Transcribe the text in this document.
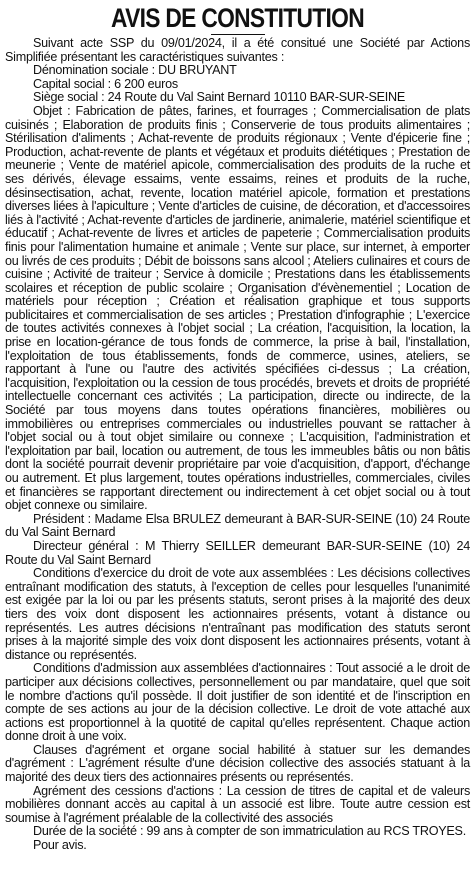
AVIS DE CONSTITUTION

Suivant acte SSP du 09/01/2024, il a été consitué une Société par Actions Simplifiée présentant les caractéristiques suivantes :

Dénomination sociale : DU BRUYANT

Capital social : 6 200 euros

Siège social : 24 Route du Val Saint Bernard 10110 BAR-SUR-SEINE

Objet : Fabrication de pâtes, farines, et fourrages ; Commercialisation de plats cuisinés ; Elaboration de produits finis ; Conserverie de tous produits alimentaires ; Stérilisation d'aliments ; Achat-revente de produits régionaux ; Vente d'épicerie fine ; Production, achat-revente de plants et végétaux et produits diététiques ; Prestation de meunerie ; Vente de matériel apicole, commercialisation des produits de la ruche et ses dérivés, élevage essaims, vente essaims, reines et produits de la ruche, désinsectisation, achat, revente, location matériel apicole, formation et prestations diverses liées à l'apiculture ; Vente d'articles de cuisine, de décoration, et d'accessoires liés à l'activité ; Achat-revente d'articles de jardinerie, animalerie, matériel scientifique et éducatif ; Achat-revente de livres et articles de papeterie ; Commercialisation produits finis pour l'alimentation humaine et animale ; Vente sur place, sur internet, à emporter ou livrés de ces produits ; Débit de boissons sans alcool ; Ateliers culinaires et cours de cuisine ; Activité de traiteur ; Service à domicile ; Prestations dans les établissements scolaires et réception de public scolaire ; Organisation d'évènementiel ; Location de matériels pour réception ; Création et réalisation graphique et tous supports publicitaires et commercialisation de ses articles ; Prestation d'infographie ; L'exercice de toutes activités connexes à l'objet social ; La création, l'acquisition, la location, la prise en location-gérance de tous fonds de commerce, la prise à bail, l'installation, l'exploitation de tous établissements, fonds de commerce, usines, ateliers, se rapportant à l'une ou l'autre des activités spécifiées ci-dessus ; La création, l'acquisition, l'exploitation ou la cession de tous procédés, brevets et droits de propriété intellectuelle concernant ces activités ; La participation, directe ou indirecte, de la Société par tous moyens dans toutes opérations financières, mobilières ou immobilières ou entreprises commerciales ou industrielles pouvant se rattacher à l'objet social ou à tout objet similaire ou connexe ; L'acquisition, l'administration et l'exploitation par bail, location ou autrement, de tous les immeubles bâtis ou non bâtis dont la société pourrait devenir propriétaire par voie d'acquisition, d'apport, d'échange ou autrement. Et plus largement, toutes opérations industrielles, commerciales, civiles et financières se rapportant directement ou indirectement à cet objet social ou à tout objet connexe ou similaire.

Président : Madame Elsa BRULEZ demeurant à BAR-SUR-SEINE (10) 24 Route du Val Saint Bernard

Directeur général : M Thierry SEILLER demeurant BAR-SUR-SEINE (10) 24 Route du Val Saint Bernard

Conditions d'exercice du droit de vote aux assemblées : Les décisions collectives entraînant modification des statuts, à l'exception de celles pour lesquelles l'unanimité est exigée par la loi ou par les présents statuts, seront prises à la majorité des deux tiers des voix dont disposent les actionnaires présents, votant à distance ou représentés. Les autres décisions n'entraînant pas modification des statuts seront prises à la majorité simple des voix dont disposent les actionnaires présents, votant à distance ou représentés.

Conditions d'admission aux assemblées d'actionnaires : Tout associé a le droit de participer aux décisions collectives, personnellement ou par mandataire, quel que soit le nombre d'actions qu'il possède. Il doit justifier de son identité et de l'inscription en compte de ses actions au jour de la décision collective. Le droit de vote attaché aux actions est proportionnel à la quotité de capital qu'elles représentent. Chaque action donne droit à une voix.

Clauses d'agrément et organe social habilité à statuer sur les demandes d'agrément : L'agrément résulte d'une décision collective des associés statuant à la majorité des deux tiers des actionnaires présents ou représentés.

Agrément des cessions d'actions : La cession de titres de capital et de valeurs mobilières donnant accès au capital à un associé est libre. Toute autre cession est soumise à l'agrément préalable de la collectivité des associés

Durée de la société : 99 ans à compter de son immatriculation au RCS TROYES.

Pour avis.
